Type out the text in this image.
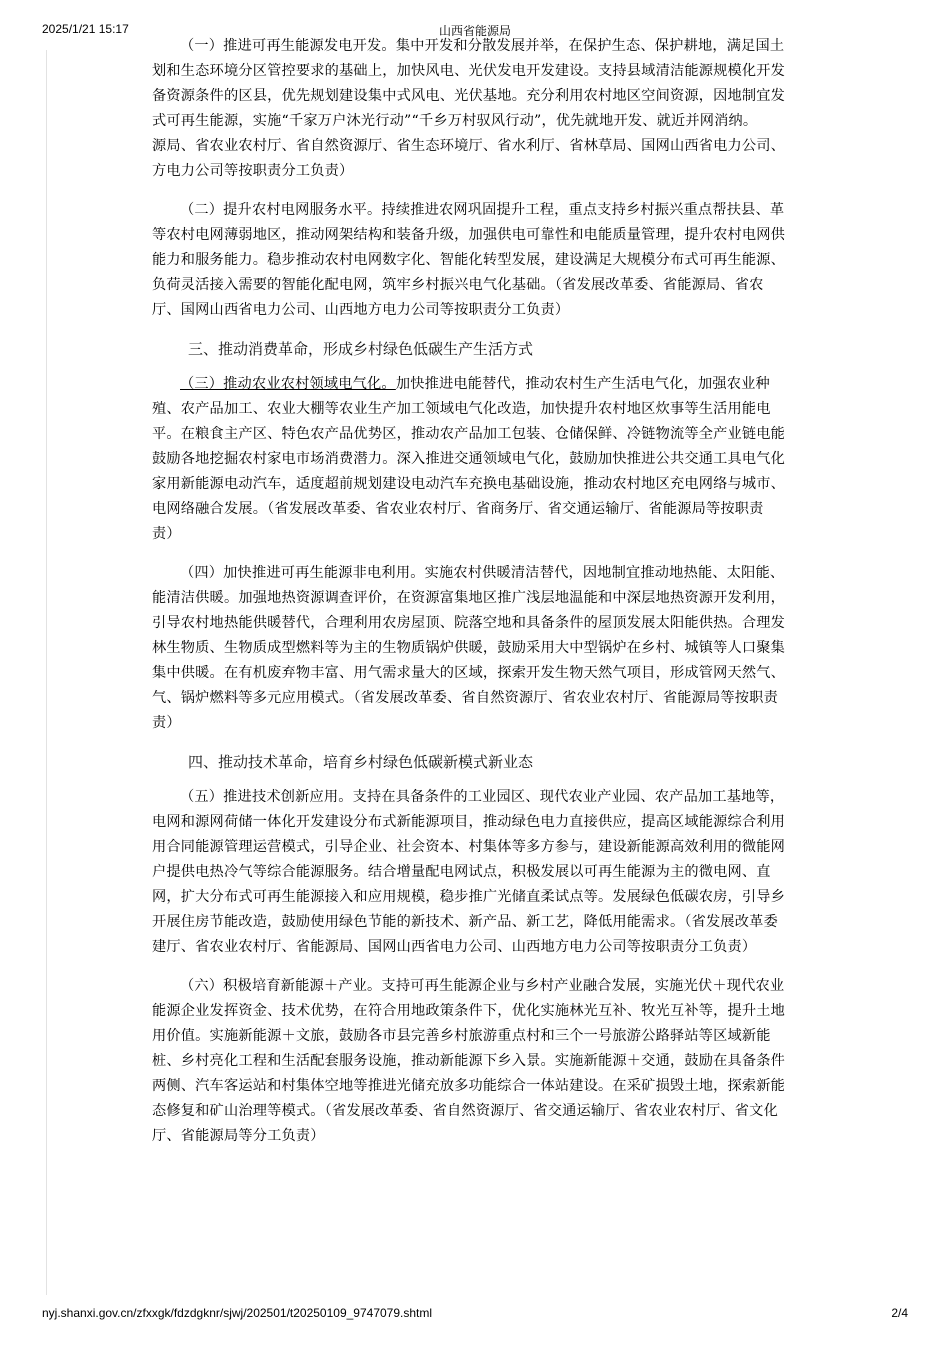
2025/1/21 15:17	山西省能源局
（一）推进可再生能源发电开发。集中开发和分散发展并举，在保护生态、保护耕地，满足国土
划和生态环境分区管控要求的基础上，加快风电、光伏发电开发建设。支持县域清洁能源规模化开发
备资源条件的区县，优先规划建设集中式风电、光伏基地。充分利用农村地区空间资源，因地制宜发
式可再生能源，实施“千家万户沐光行动”“千乡万村驭风行动”，优先就地开发、就近并网消纳。
源局、省农业农村厅、省自然资源厅、省生态环境厅、省水利厅、省林草局、国网山西省电力公司、
方电力公司等按职责分工负责）
（二）提升农村电网服务水平。持续推进农网巩固提升工程，重点支持乡村振兴重点帮扶县、革
等农村电网薄弱地区，推动网架结构和装备升级，加强供电可靠性和电能质量管理，提升农村电网供
能力和服务能力。稳步推动农村电网数字化、智能化转型发展，建设满足大规模分布式可再生能源、
负荷灵活接入需要的智能化配电网，筑牢乡村振兴电气化基础。（省发展改革委、省能源局、省农
厅、国网山西省电力公司、山西地方电力公司等按职责分工负责）
三、推动消费革命，形成乡村绿色低碳生产生活方式
（三）推动农业农村领域电气化。加快推进电能替代，推动农村生产生活电气化，加强农业种
殖、农产品加工、农业大棚等农业生产加工领域电气化改造，加快提升农村地区炊事等生活用能电
平。在粮食主产区、特色农产品优势区，推动农产品加工包装、仓储保鲜、冷链物流等全产业链电能
鼓励各地挖掘农村家电市场消费潜力。深入推进交通领域电气化，鼓励加快推进公共交通工具电气化
家用新能源电动汽车，适度超前规划建设电动汽车充换电基础设施，推动农村地区充电网络与城市、
电网络融合发展。（省发展改革委、省农业农村厅、省商务厅、省交通运输厅、省能源局等按职责
责）
（四）加快推进可再生能源非电利用。实施农村供暖清洁替代，因地制宜推动地热能、太阳能、
能清洁供暖。加强地热资源调查评价，在资源富集地区推广浅层地温能和中深层地热资源开发利用，
引导农村地热能供暖替代，合理利用农房屋顶、院落空地和具备条件的屋顶发展太阳能供热。合理发
林生物质、生物质成型燃料等为主的生物质锅炉供暖，鼓励采用大中型锅炉在乡村、城镇等人口聚集
集中供暖。在有机废弃物丰富、用气需求量大的区域，探索开发生物天然气项目，形成管网天然气、
气、锅炉燃料等多元应用模式。（省发展改革委、省自然资源厅、省农业农村厅、省能源局等按职责
责）
四、推动技术革命，培育乡村绿色低碳新模式新业态
（五）推进技术创新应用。支持在具备条件的工业园区、现代农业产业园、农产品加工基地等，
电网和源网荷储一体化开发建设分布式新能源项目，推动绿色电力直接供应，提高区域能源综合利用
用合同能源管理运营模式，引导企业、社会资本、村集体等多方参与，建设新能源高效利用的微能网
户提供电热冷气等综合能源服务。结合增量配电网试点，积极发展以可再生能源为主的微电网、直
网，扩大分布式可再生能源接入和应用规模，稳步推广光储直柔试点等。发展绿色低碳农房，引导乡
开展住房节能改造，鼓励使用绿色节能的新技术、新产品、新工艺，降低用能需求。（省发展改革委
建厅、省农业农村厅、省能源局、国网山西省电力公司、山西地方电力公司等按职责分工负责）
（六）积极培育新能源＋产业。支持可再生能源企业与乡村产业融合发展，实施光伏＋现代农业
能源企业发挥资金、技术优势，在符合用地政策条件下，优化实施林光互补、牧光互补等，提升土地
用价值。实施新能源＋文旅，鼓励各市县完善乡村旅游重点村和三个一号旅游公路驿站等区域新能
桩、乡村亮化工程和生活配套服务设施，推动新能源下乡入景。实施新能源＋交通，鼓励在具备条件
两侧、汽车客运站和村集体空地等推进光储充放多功能综合一体站建设。在采矿损毁土地，探索新能
态修复和矿山治理等模式。（省发展改革委、省自然资源厅、省交通运输厅、省农业农村厅、省文化
厅、省能源局等分工负责）
nyj.shanxi.gov.cn/zfxxgk/fdzdgknr/sjwj/202501/t20250109_9747079.shtml	2/4
